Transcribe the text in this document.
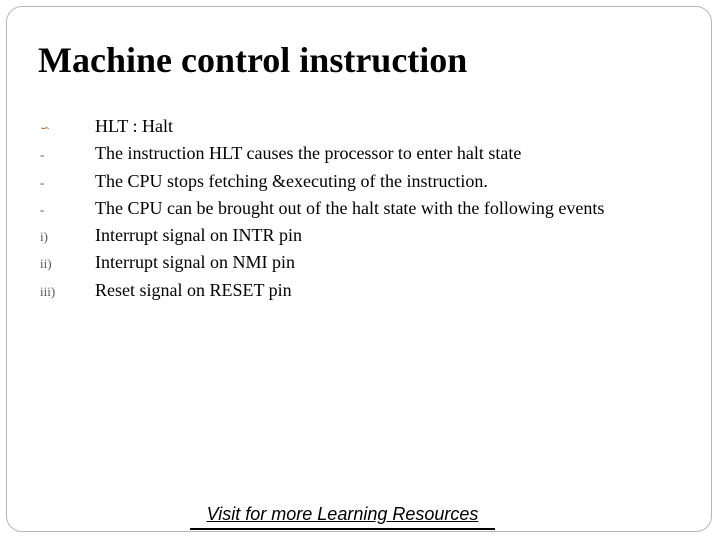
Machine control instruction
∽	HLT : Halt
-	The instruction HLT causes the processor to enter halt state
-	The CPU stops fetching &executing of the instruction.
-	The CPU can be brought out of the halt state with the following events
i)	Interrupt signal on INTR pin
ii)	Interrupt signal on NMI pin
iii)	Reset signal on RESET pin
Visit for more Learning Resources
